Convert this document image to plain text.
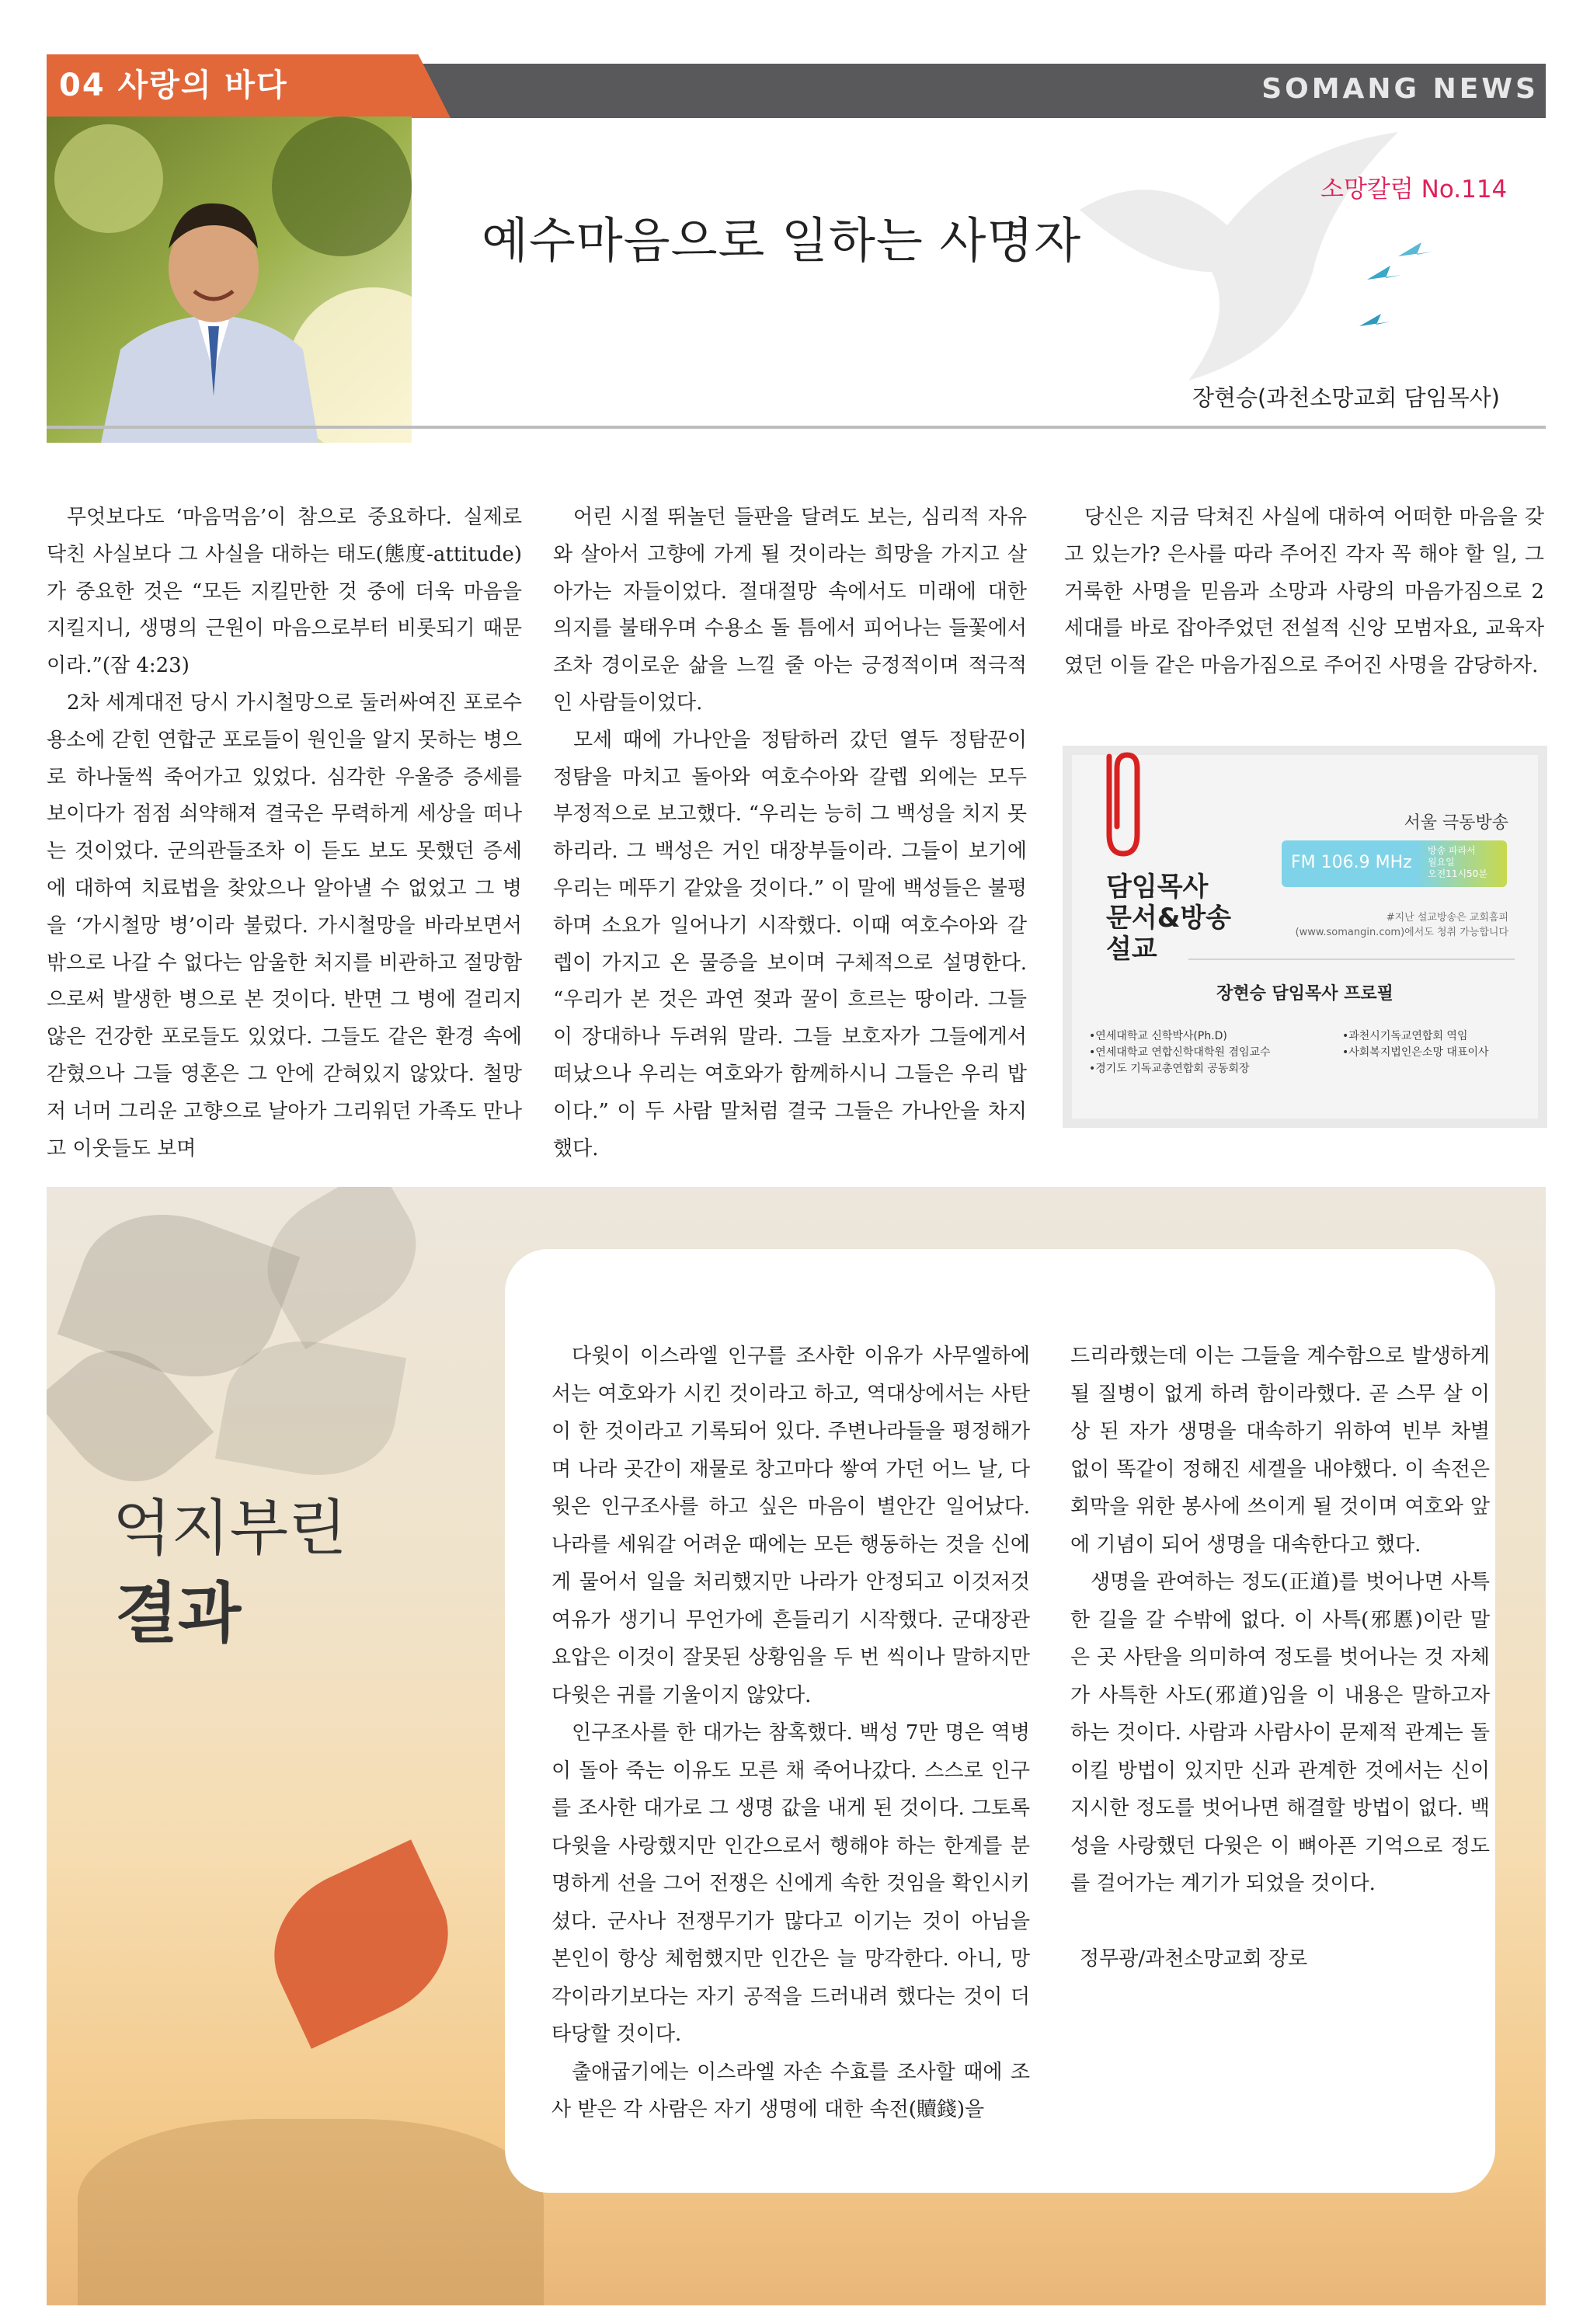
04 사랑의 바다	SOMANG NEWS
소망칼럼 No.114
예수마음으로 일하는 사명자
장현승(과천소망교회 담임목사)

무엇보다도 ‘마음먹음’이 참으로 중요하다. 실제로 닥친 사실보다 그 사실을 대하는 태도(態度-attitude)가 중요한 것은 “모든 지킬만한 것 중에 더욱 마음을 지킬지니, 생명의 근원이 마음으로부터 비롯되기 때문이라.”(잠 4:23)

2차 세계대전 당시 가시철망으로 둘러싸여진 포로수용소에 갇힌 연합군 포로들이 원인을 알지 못하는 병으로 하나둘씩 죽어가고 있었다. 심각한 우울증 증세를 보이다가 점점 쇠약해져 결국은 무력하게 세상을 떠나는 것이었다. 군의관들조차 이 듣도 보도 못했던 증세에 대하여 치료법을 찾았으나 알아낼 수 없었고 그 병을 ‘가시철망 병’이라 불렀다. 가시철망을 바라보면서 밖으로 나갈 수 없다는 암울한 처지를 비관하고 절망함으로써 발생한 병으로 본 것이다. 반면 그 병에 걸리지 않은 건강한 포로들도 있었다. 그들도 같은 환경 속에 갇혔으나 그들 영혼은 그 안에 갇혀있지 않았다. 철망 저 너머 그리운 고향으로 날아가 그리워던 가족도 만나고 이웃들도 보며

어린 시절 뛰놀던 들판을 달려도 보는, 심리적 자유와 살아서 고향에 가게 될 것이라는 희망을 가지고 살아가는 자들이었다. 절대절망 속에서도 미래에 대한 의지를 불태우며 수용소 돌 틈에서 피어나는 들꽃에서조차 경이로운 삶을 느낄 줄 아는 긍정적이며 적극적인 사람들이었다.

모세 때에 가나안을 정탐하러 갔던 열두 정탐꾼이 정탐을 마치고 돌아와 여호수아와 갈렙 외에는 모두 부정적으로 보고했다. “우리는 능히 그 백성을 치지 못하리라. 그 백성은 거인 대장부들이라. 그들이 보기에 우리는 메뚜기 같았을 것이다.” 이 말에 백성들은 불평하며 소요가 일어나기 시작했다. 이때 여호수아와 갈렙이 가지고 온 물증을 보이며 구체적으로 설명한다. “우리가 본 것은 과연 젖과 꿀이 흐르는 땅이라. 그들이 장대하나 두려워 말라. 그들 보호자가 그들에게서 떠났으나 우리는 여호와가 함께하시니 그들은 우리 밥이다.” 이 두 사람 말처럼 결국 그들은 가나안을 차지했다.

당신은 지금 닥쳐진 사실에 대하여 어떠한 마음을 갖고 있는가? 은사를 따라 주어진 각자 꼭 해야 할 일, 그 거룩한 사명을 믿음과 소망과 사랑의 마음가짐으로 2세대를 바로 잡아주었던 전설적 신앙 모범자요, 교육자였던 이들 같은 마음가짐으로 주어진 사명을 감당하자.

담임목사
문서&방송
설교
서울 극동방송
FM 106.9 MHz
방송 파라서
월요일
오전11시50분
#지난 설교방송은 교회홈피
(www.somangin.com)에서도 청취 가능합니다
장현승 담임목사 프로필
•연세대학교 신학박사(Ph.D)
•연세대학교 연합신학대학원 겸임교수
•경기도 기독교총연합회 공동회장
•과천시기독교연합회 역임
•사회복지법인은소망 대표이사
억지부린
결과

다윗이 이스라엘 인구를 조사한 이유가 사무엘하에서는 여호와가 시킨 것이라고 하고, 역대상에서는 사탄이 한 것이라고 기록되어 있다. 주변나라들을 평정해가며 나라 곳간이 재물로 창고마다 쌓여 가던 어느 날, 다윗은 인구조사를 하고 싶은 마음이 별안간 일어났다. 나라를 세워갈 어려운 때에는 모든 행동하는 것을 신에게 물어서 일을 처리했지만 나라가 안정되고 이것저것 여유가 생기니 무언가에 흔들리기 시작했다. 군대장관 요압은 이것이 잘못된 상황임을 두 번 씩이나 말하지만 다윗은 귀를 기울이지 않았다.

인구조사를 한 대가는 참혹했다. 백성 7만 명은 역병이 돌아 죽는 이유도 모른 채 죽어나갔다. 스스로 인구를 조사한 대가로 그 생명 값을 내게 된 것이다. 그토록 다윗을 사랑했지만 인간으로서 행해야 하는 한계를 분명하게 선을 그어 전쟁은 신에게 속한 것임을 확인시키셨다. 군사나 전쟁무기가 많다고 이기는 것이 아님을 본인이 항상 체험했지만 인간은 늘 망각한다. 아니, 망각이라기보다는 자기 공적을 드러내려 했다는 것이 더 타당할 것이다.

출애굽기에는 이스라엘 자손 수효를 조사할 때에 조사 받은 각 사람은 자기 생명에 대한 속전(贖錢)을

드리라했는데 이는 그들을 계수함으로 발생하게 될 질병이 없게 하려 함이라했다. 곧 스무 살 이상 된 자가 생명을 대속하기 위하여 빈부 차별 없이 똑같이 정해진 세겔을 내야했다. 이 속전은 회막을 위한 봉사에 쓰이게 될 것이며 여호와 앞에 기념이 되어 생명을 대속한다고 했다.

생명을 관여하는 정도(正道)를 벗어나면 사특한 길을 갈 수밖에 없다. 이 사특(邪慝)이란 말은 곳 사탄을 의미하여 정도를 벗어나는 것 자체가 사특한 사도(邪道)임을 이 내용은 말하고자 하는 것이다. 사람과 사람사이 문제적 관계는 돌이킬 방법이 있지만 신과 관계한 것에서는 신이 지시한 정도를 벗어나면 해결할 방법이 없다. 백성을 사랑했던 다윗은 이 뼈아픈 기억으로 정도를 걸어가는 계기가 되었을 것이다.

정무광/과천소망교회 장로
